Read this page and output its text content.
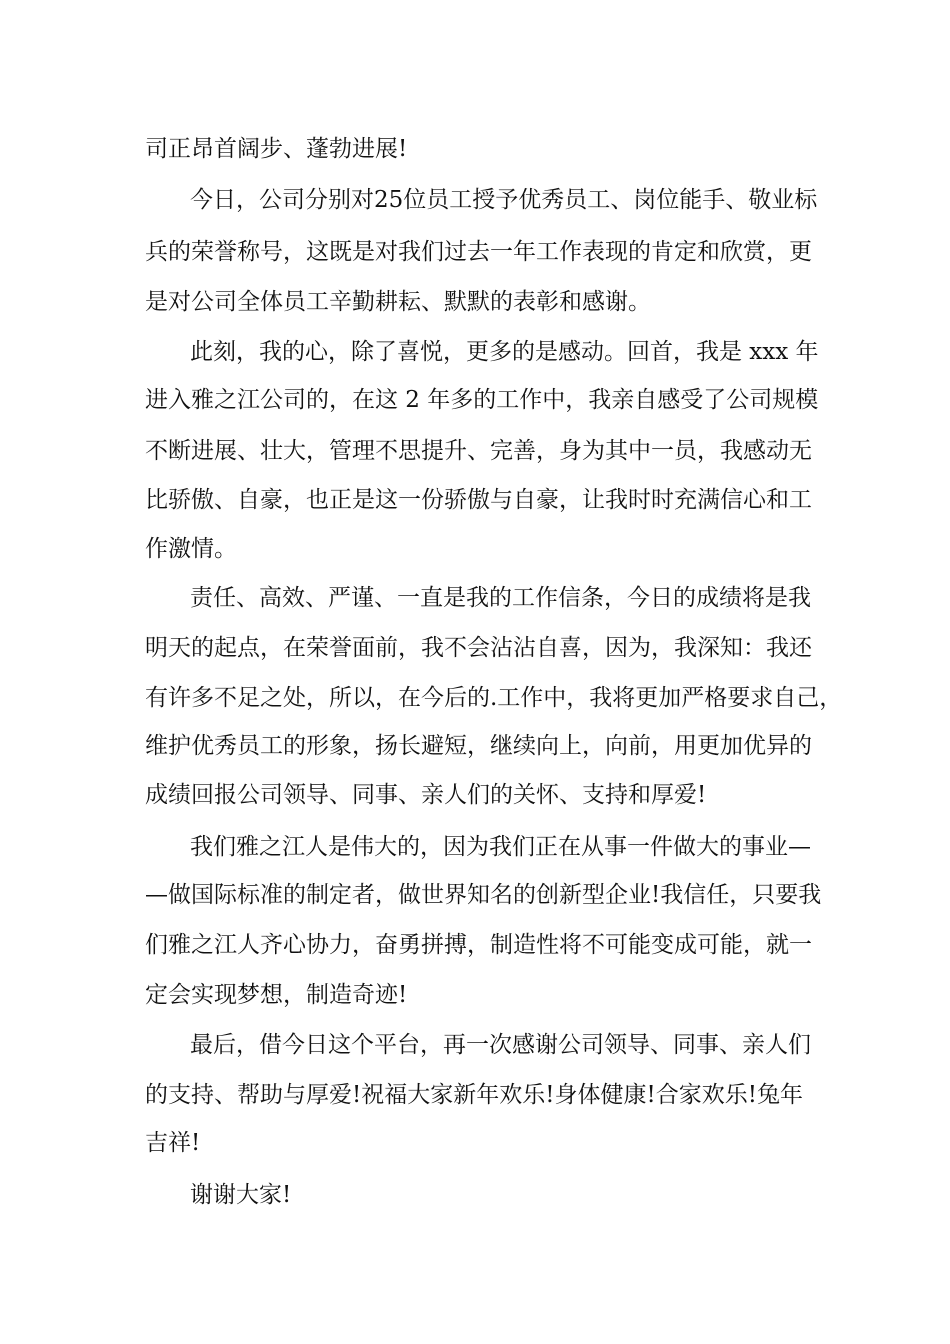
司正昂首阔步、蓬勃进展!

今日，公司分别对25位员工授予优秀员工、岗位能手、敬业标

兵的荣誉称号，这既是对我们过去一年工作表现的肯定和欣赏，更

是对公司全体员工辛勤耕耘、默默的表彰和感谢。

此刻，我的心，除了喜悦，更多的是感动。回首，我是 xxx 年

进入雅之江公司的，在这 2 年多的工作中，我亲自感受了公司规模

不断进展、壮大，管理不思提升、完善，身为其中一员，我感动无

比骄傲、自豪，也正是这一份骄傲与自豪，让我时时充满信心和工

作激情。

责任、高效、严谨、一直是我的工作信条，今日的成绩将是我

明天的起点，在荣誉面前，我不会沾沾自喜，因为，我深知：我还

有许多不足之处，所以，在今后的.工作中，我将更加严格要求自己，

维护优秀员工的形象，扬长避短，继续向上，向前，用更加优异的

成绩回报公司领导、同事、亲人们的关怀、支持和厚爱!

我们雅之江人是伟大的，因为我们正在从事一件做大的事业—

—做国际标准的制定者，做世界知名的创新型企业!我信任，只要我

们雅之江人齐心协力，奋勇拼搏，制造性将不可能变成可能，就一

定会实现梦想，制造奇迹!

最后，借今日这个平台，再一次感谢公司领导、同事、亲人们

的支持、帮助与厚爱!祝福大家新年欢乐!身体健康!合家欢乐!兔年

吉祥!

谢谢大家!
